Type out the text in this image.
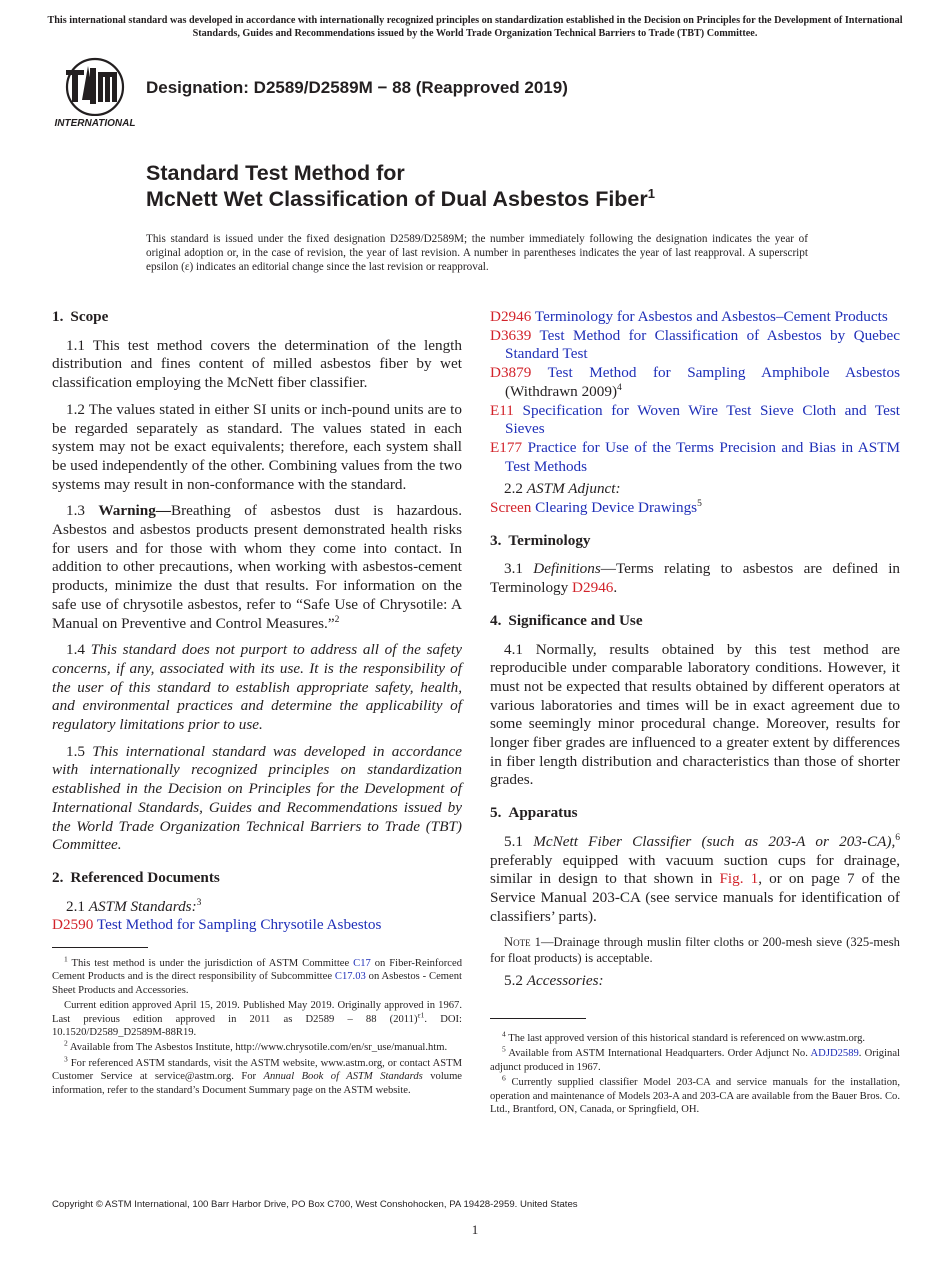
This international standard was developed in accordance with internationally recognized principles on standardization established in the Decision on Principles for the Development of International Standards, Guides and Recommendations issued by the World Trade Organization Technical Barriers to Trade (TBT) Committee.
INTERNATIONAL
Designation: D2589/D2589M − 88 (Reapproved 2019)
Standard Test Method for
McNett Wet Classification of Dual Asbestos Fiber$^1$
This standard is issued under the fixed designation D2589/D2589M; the number immediately following the designation indicates the year of original adoption or, in the case of revision, the year of last revision. A number in parentheses indicates the year of last reapproval. A superscript epsilon (ε) indicates an editorial change since the last revision or reapproval.
1. Scope

1.1 This test method covers the determination of the length distribution and fines content of milled asbestos fiber by wet classification employing the McNett fiber classifier.

1.2 The values stated in either SI units or inch-pound units are to be regarded separately as standard. The values stated in each system may not be exact equivalents; therefore, each system shall be used independently of the other. Combining values from the two systems may result in non-conformance with the standard.

1.3 Warning—Breathing of asbestos dust is hazardous. Asbestos and asbestos products present demonstrated health risks for users and for those with whom they come into contact. In addition to other precautions, when working with asbestos-cement products, minimize the dust that results. For information on the safe use of chrysotile asbestos, refer to “Safe Use of Chrysotile: A Manual on Preventive and Control Measures.”$^2$

1.4 This standard does not purport to address all of the safety concerns, if any, associated with its use. It is the responsibility of the user of this standard to establish appropriate safety, health, and environmental practices and determine the applicability of regulatory limitations prior to use.

1.5 This international standard was developed in accordance with internationally recognized principles on standardization established in the Decision on Principles for the Development of International Standards, Guides and Recommendations issued by the World Trade Organization Technical Barriers to Trade (TBT) Committee.

2. Referenced Documents

2.1 ASTM Standards:$^3$

D2590 Test Method for Sampling Chrysotile Asbestos
$^1$ This test method is under the jurisdiction of ASTM Committee C17 on Fiber-Reinforced Cement Products and is the direct responsibility of Subcommittee C17.03 on Asbestos - Cement Sheet Products and Accessories.
Current edition approved April 15, 2019. Published May 2019. Originally approved in 1967. Last previous edition approved in 2011 as D2589 – 88 $(2011)^{\varepsilon 1}$. DOI: 10.1520/D2589_D2589M-88R19.
$^2$ Available from The Asbestos Institute, http://www.chrysotile.com/en/sr_use/manual.htm.
$^3$ For referenced ASTM standards, visit the ASTM website, www.astm.org, or contact ASTM Customer Service at service@astm.org. For Annual Book of ASTM Standards volume information, refer to the standard’s Document Summary page on the ASTM website.
D2946 Terminology for Asbestos and Asbestos–Cement Products
D3639 Test Method for Classification of Asbestos by Quebec Standard Test
D3879 Test Method for Sampling Amphibole Asbestos (Withdrawn 2009)$^4$
E11 Specification for Woven Wire Test Sieve Cloth and Test Sieves
E177 Practice for Use of the Terms Precision and Bias in ASTM Test Methods

2.2 ASTM Adjunct:

Screen Clearing Device Drawings$^5$
3. Terminology

3.1 Definitions—Terms relating to asbestos are defined in Terminology D2946.

4. Significance and Use

4.1 Normally, results obtained by this test method are reproducible under comparable laboratory conditions. However, it must not be expected that results obtained by different operators at various laboratories and times will be in exact agreement due to some seemingly minor procedural change. Moreover, results for longer fiber grades are influenced to a greater extent by differences in fiber length distribution and characteristics than those of shorter grades.

5. Apparatus

5.1 McNett Fiber Classifier (such as 203-A or 203-CA),$^6$ preferably equipped with vacuum suction cups for drainage, similar in design to that shown in Fig. 1, or on page 7 of the Service Manual 203-CA (see service manuals for identification of classifiers’ parts).

Note 1—Drainage through muslin filter cloths or 200-mesh sieve (325-mesh for float products) is acceptable.

5.2 Accessories:

$^4$ The last approved version of this historical standard is referenced on www.astm.org.
$^5$ Available from ASTM International Headquarters. Order Adjunct No. ADJD2589. Original adjunct produced in 1967.
$^6$ Currently supplied classifier Model 203-CA and service manuals for the installation, operation and maintenance of Models 203-A and 203-CA are available from the Bauer Bros. Co. Ltd., Brantford, ON, Canada, or Springfield, OH.
Copyright © ASTM International, 100 Barr Harbor Drive, PO Box C700, West Conshohocken, PA 19428-2959. United States
1
